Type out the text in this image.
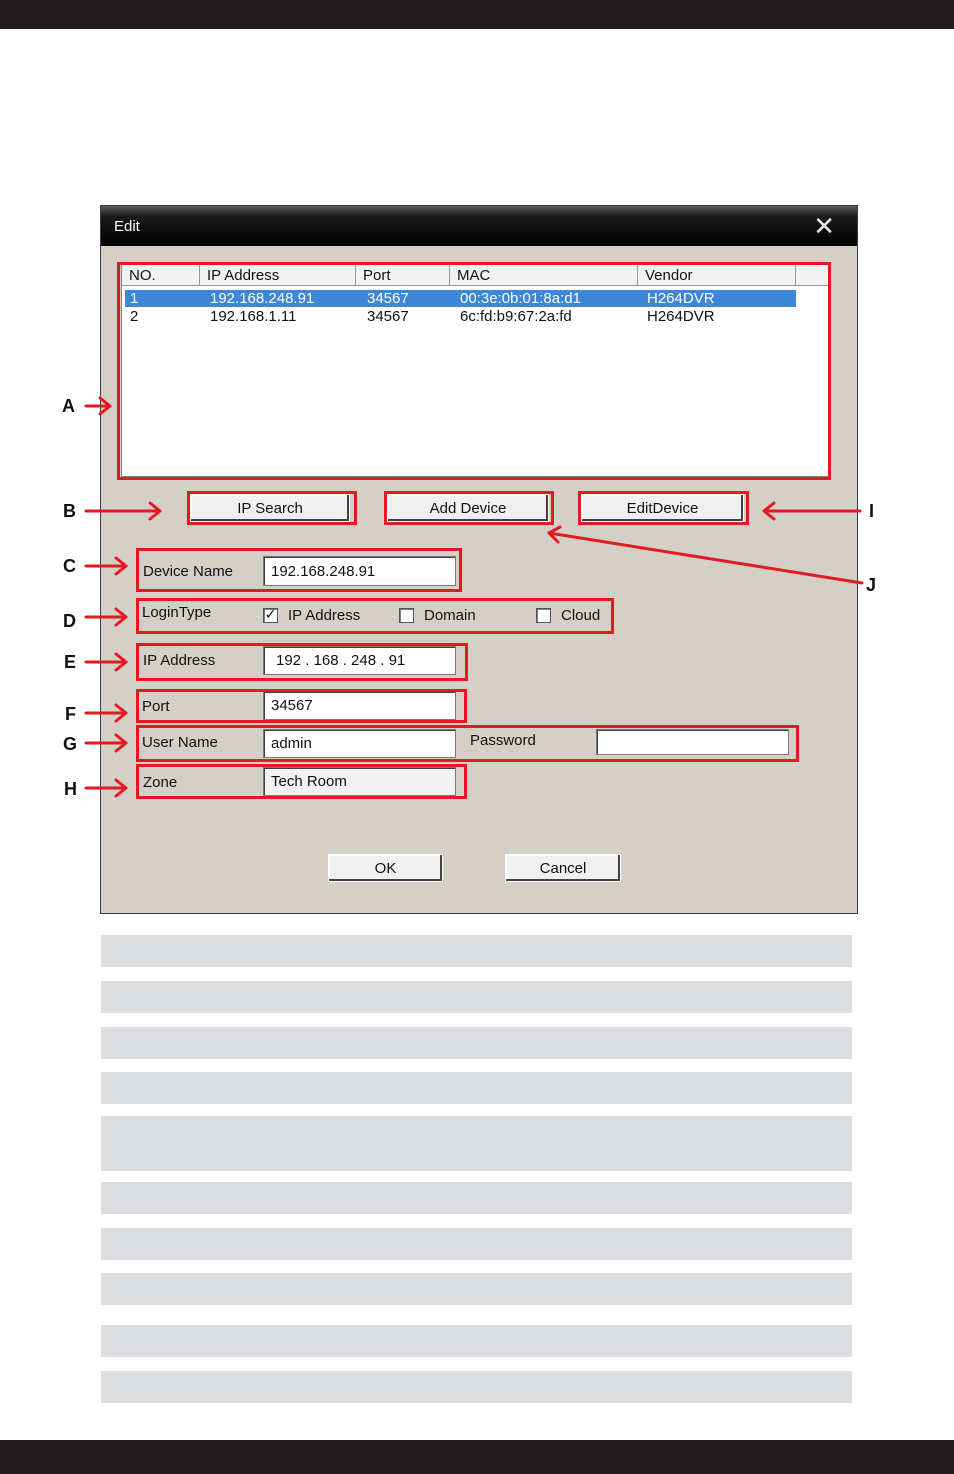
Edit	✕
NO.	IP Address	Port	MAC	Vendor
1	192.168.248.91	34567	00:3e:0b:01:8a:d1	H264DVR
2	192.168.1.11	34567	6c:fd:b9:67:2a:fd	H264DVR
IP Search	Add Device	EditDevice
Device Name
192.168.248.91
LoginType	✓ IP Address	Domain	Cloud
IP Address
192 . 168 . 248 . 91
Port
34567
User Name
admin	Password
Zone
Tech Room
OK	Cancel
A
B
C
D
E
F
G
H
I
J
